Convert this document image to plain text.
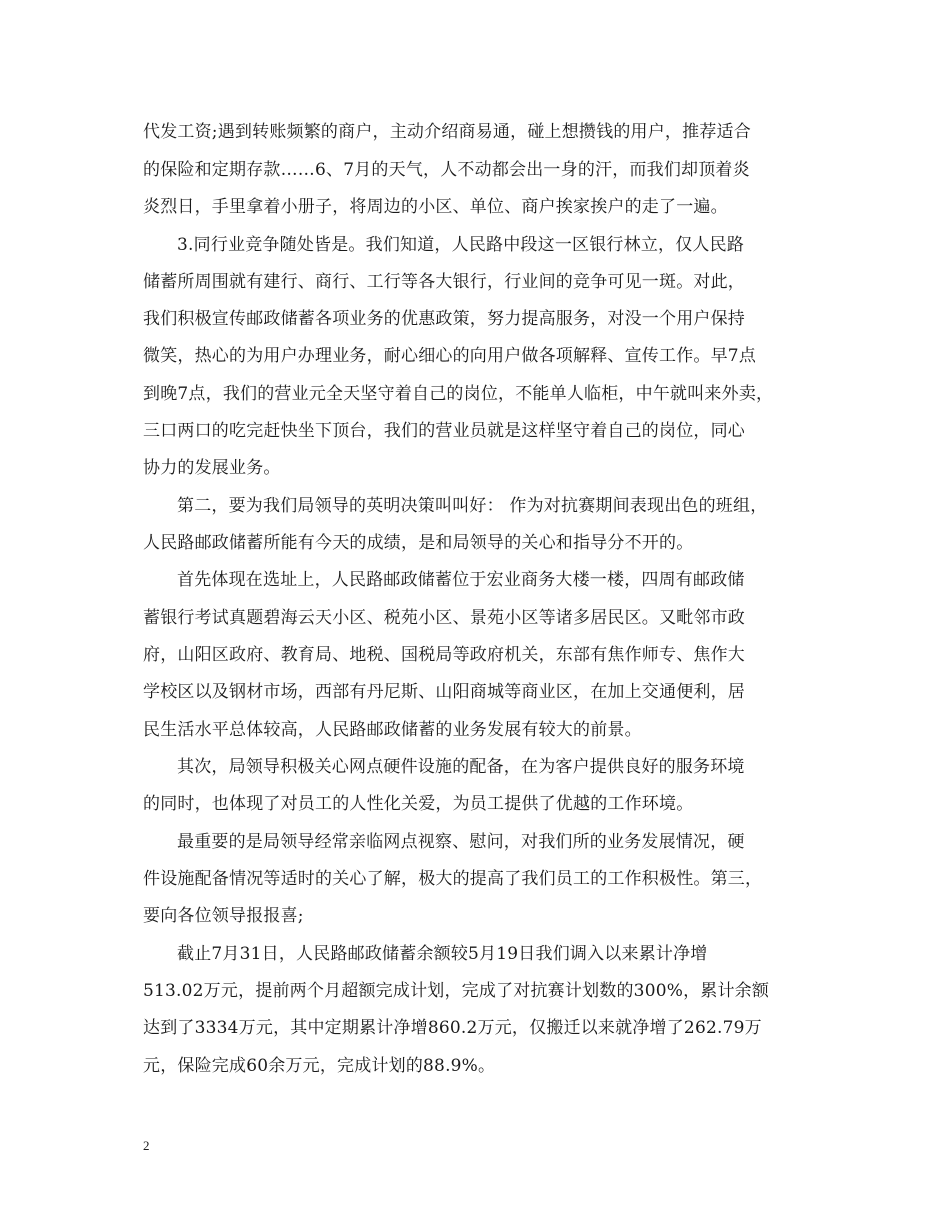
代发工资;遇到转账频繁的商户，主动介绍商易通，碰上想攒钱的用户，推荐适合
的保险和定期存款……6、7月的天气，人不动都会出一身的汗，而我们却顶着炎
炎烈日，手里拿着小册子，将周边的小区、单位、商户挨家挨户的走了一遍。
3.同行业竞争随处皆是。我们知道，人民路中段这一区银行林立，仅人民路
储蓄所周围就有建行、商行、工行等各大银行，行业间的竞争可见一斑。对此，
我们积极宣传邮政储蓄各项业务的优惠政策，努力提高服务，对没一个用户保持
微笑，热心的为用户办理业务，耐心细心的向用户做各项解释、宣传工作。早7点
到晚7点，我们的营业元全天坚守着自己的岗位，不能单人临柜，中午就叫来外卖，
三口两口的吃完赶快坐下顶台，我们的营业员就是这样坚守着自己的岗位，同心
协力的发展业务。
第二，要为我们局领导的英明决策叫叫好： 作为对抗赛期间表现出色的班组，
人民路邮政储蓄所能有今天的成绩，是和局领导的关心和指导分不开的。
首先体现在选址上，人民路邮政储蓄位于宏业商务大楼一楼，四周有邮政储
蓄银行考试真题碧海云天小区、税苑小区、景苑小区等诸多居民区。又毗邻市政
府，山阳区政府、教育局、地税、国税局等政府机关，东部有焦作师专、焦作大
学校区以及钢材市场，西部有丹尼斯、山阳商城等商业区，在加上交通便利，居
民生活水平总体较高，人民路邮政储蓄的业务发展有较大的前景。
其次，局领导积极关心网点硬件设施的配备，在为客户提供良好的服务环境
的同时，也体现了对员工的人性化关爱，为员工提供了优越的工作环境。
最重要的是局领导经常亲临网点视察、慰问，对我们所的业务发展情况，硬
件设施配备情况等适时的关心了解，极大的提高了我们员工的工作积极性。第三，
要向各位领导报报喜;
截止7月31日，人民路邮政储蓄余额较5月19日我们调入以来累计净增
513.02万元，提前两个月超额完成计划，完成了对抗赛计划数的300%，累计余额
达到了3334万元，其中定期累计净增860.2万元，仅搬迁以来就净增了262.79万
元，保险完成60余万元，完成计划的88.9%。
2
